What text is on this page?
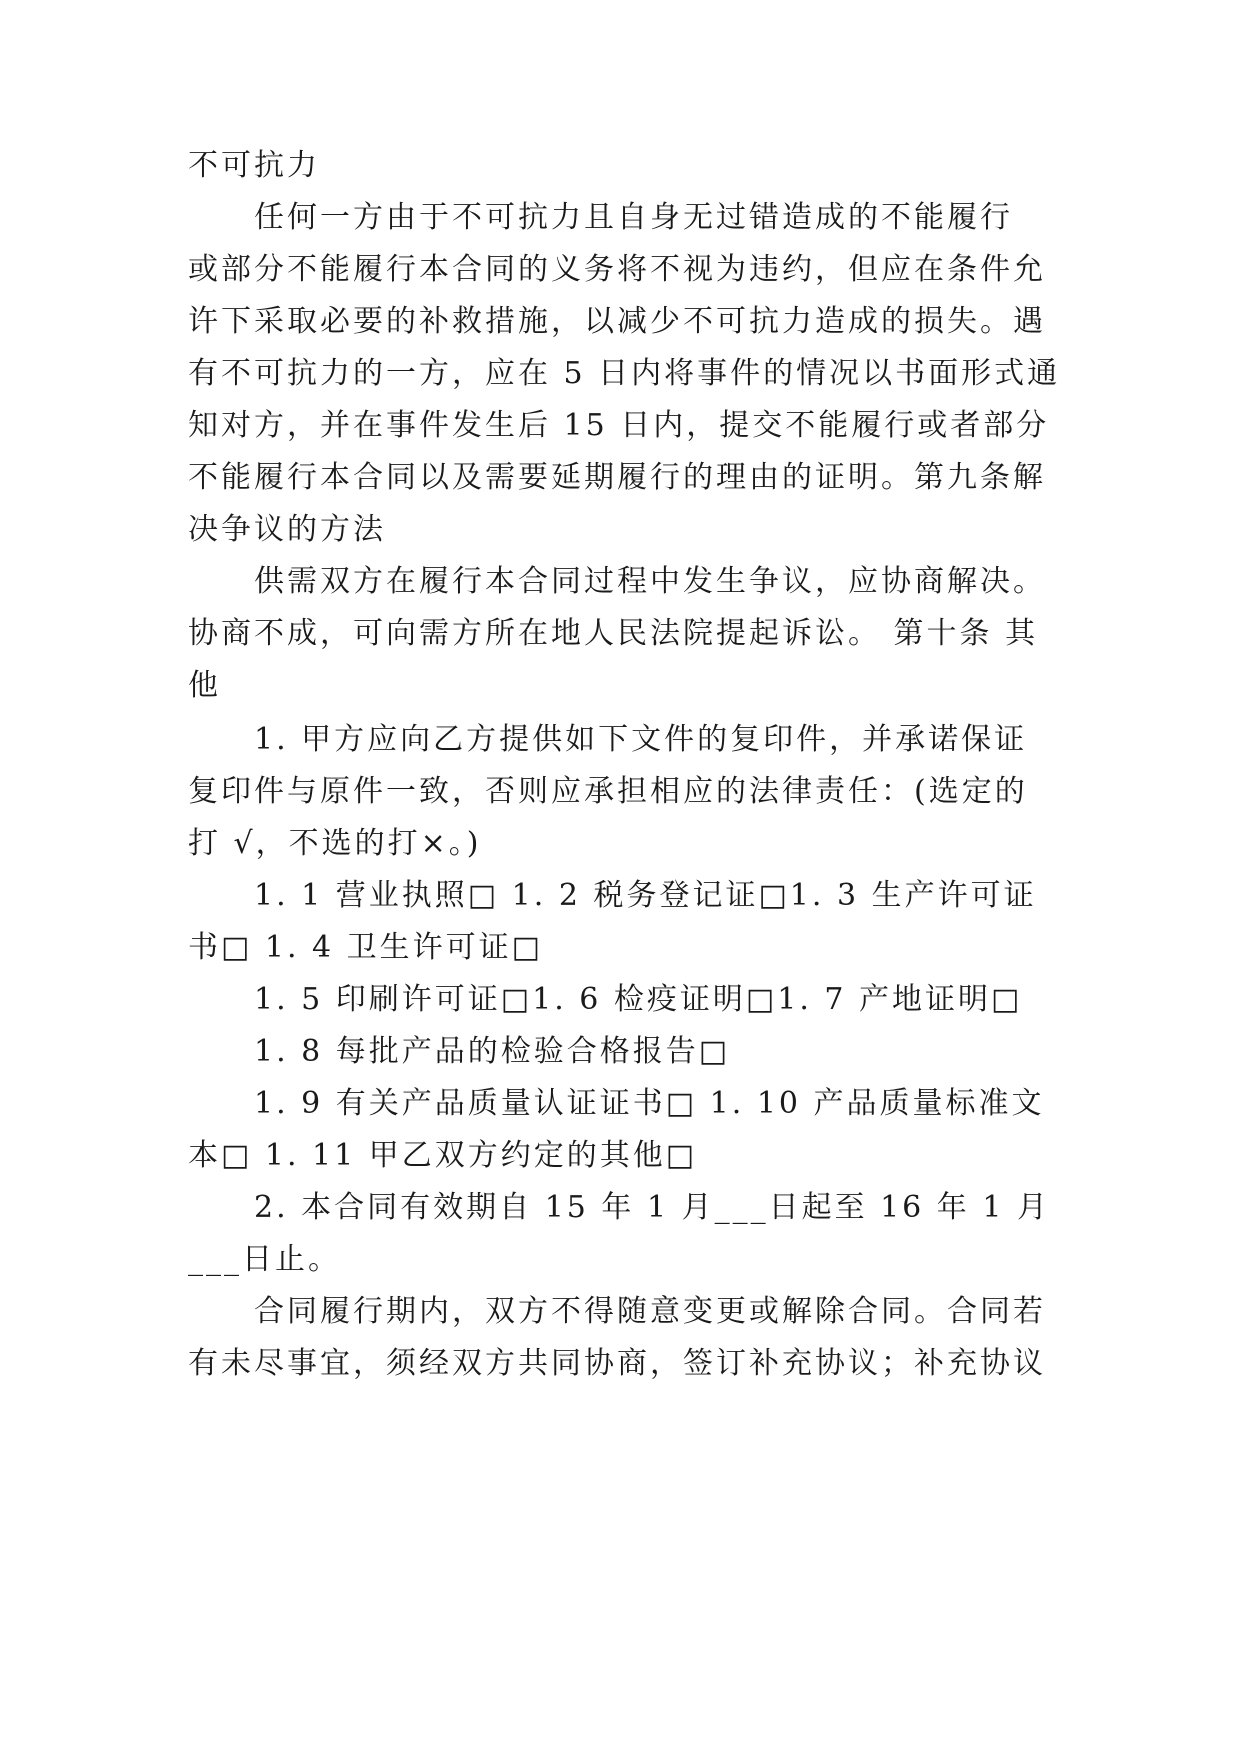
不可抗力
任何一方由于不可抗力且自身无过错造成的不能履行
或部分不能履行本合同的义务将不视为违约，但应在条件允
许下采取必要的补救措施，以减少不可抗力造成的损失。遇
有不可抗力的一方，应在 5 日内将事件的情况以书面形式通
知对方，并在事件发生后 15 日内，提交不能履行或者部分
不能履行本合同以及需要延期履行的理由的证明。第九条解
决争议的方法
供需双方在履行本合同过程中发生争议，应协商解决。
协商不成，可向需方所在地人民法院提起诉讼。 第十条 其
他
1. 甲方应向乙方提供如下文件的复印件，并承诺保证
复印件与原件一致，否则应承担相应的法律责任：(选定的
打 √，不选的打×。)
1. 1 营业执照□ 1. 2 税务登记证□1. 3 生产许可证
书□ 1. 4 卫生许可证□
1. 5 印刷许可证□1. 6 检疫证明□1. 7 产地证明□
1. 8 每批产品的检验合格报告□
1. 9 有关产品质量认证证书□ 1. 10 产品质量标准文
本□ 1. 11 甲乙双方约定的其他□
2. 本合同有效期自 15 年 1 月___日起至 16 年 1 月
___日止。
合同履行期内，双方不得随意变更或解除合同。合同若
有未尽事宜，须经双方共同协商，签订补充协议；补充协议
